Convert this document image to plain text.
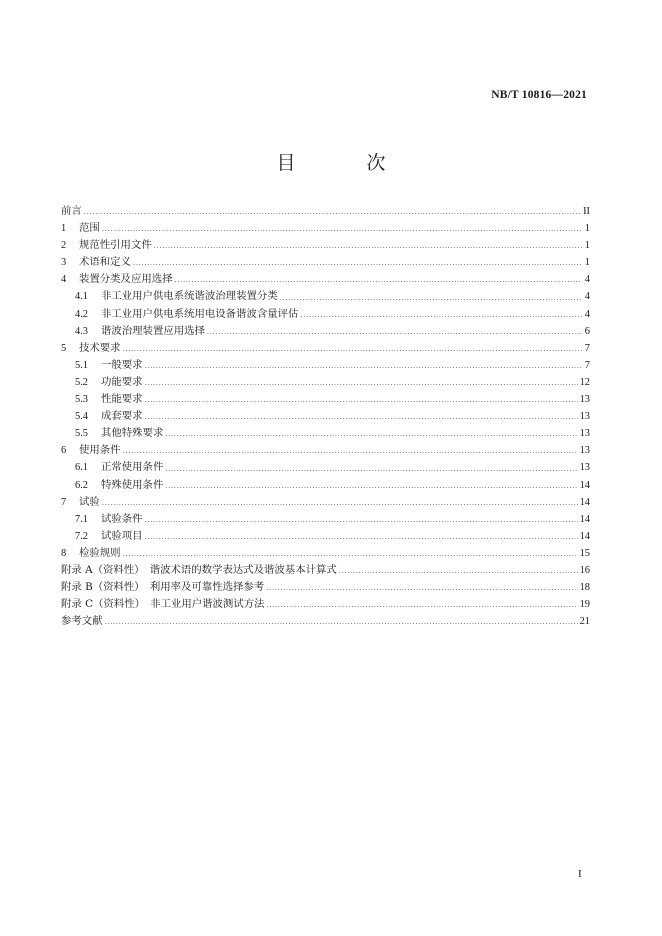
NB/T 10816—2021
目　次
前言 ·····	II
1	范围 ·····	1
2	规范性引用文件 ·····	1
3	术语和定义 ·····	1
4	装置分类及应用选择 ·····	4
4.1	非工业用户供电系统谐波治理装置分类 ·····	4
4.2	非工业用户供电系统用电设备谐波含量评估 ·····	4
4.3	谐波治理装置应用选择 ·····	6
5	技术要求 ·····	7
5.1	一般要求 ·····	7
5.2	功能要求 ·····	12
5.3	性能要求 ·····	13
5.4	成套要求 ·····	13
5.5	其他特殊要求 ·····	13
6	使用条件 ·····	13
6.1	正常使用条件 ·····	13
6.2	特殊使用条件 ·····	14
7	试验 ·····	14
7.1	试验条件 ·····	14
7.2	试验项目 ·····	14
8	检验规则 ·····	15
附录 A（资料性）　谐波术语的数学表达式及谐波基本计算式 ·····	16
附录 B（资料性）　利用率及可靠性选择参考 ·····	18
附录 C（资料性）　非工业用户谐波测试方法 ·····	19
参考文献 ·····	21
I
